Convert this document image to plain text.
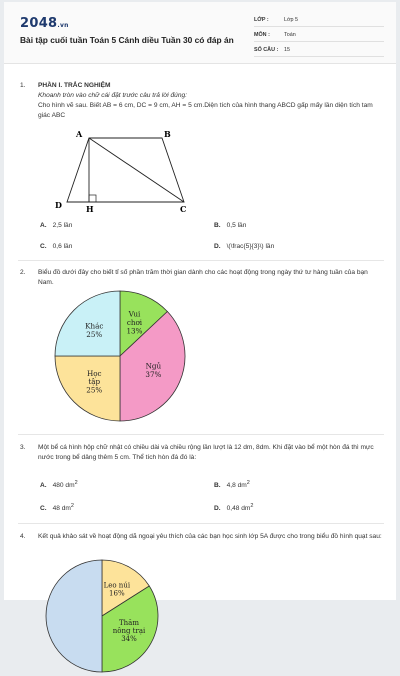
2048.vn
Bài tập cuối tuần Toán 5 Cánh diều Tuần 30 có đáp án
LỚP :	Lớp 5
MÔN :	Toán
SỐ CÂU : 15
1. PHẦN I. TRẮC NGHIỆM
Khoanh tròn vào chữ cái đặt trước câu trả lời đúng:
Cho hình vẽ sau. Biết AB = 6 cm, DC = 9 cm, AH = 5 cm.Diện tích của hình thang ABCD gấp mấy lần diện tích tam giác ABC
A	B
C
D	H
A. 2,5 lần	B. 0,5 lần
C. 0,6 lần	D. \(\frac{5}{3}\) lần
2. Biểu đồ dưới đây cho biết tỉ số phần trăm thời gian dành cho các hoạt động trong ngày thứ tư hàng tuần của bạn Nam.
Vui
chơi
13%
Ngủ
37%
Học
tập
25%
Khác
25%
3. Một bể cá hình hộp chữ nhật có chiều dài và chiều rộng lần lượt là 12 dm, 8dm. Khi đặt vào bể một hòn đá thì mực nước trong bể dâng thêm 5 cm. Thể tích hòn đá đó là:
A. 480 $dm^2$	B. 4,8 $dm^2$
C. 48 $dm^2$	D. 0,48 $dm^2$
4. Kết quả khảo sát về hoạt động dã ngoại yêu thích của các bạn học sinh lớp 5A được cho trong biểu đồ hình quạt sau:
Leo núi
16%
Thăm
nông trại
34%
